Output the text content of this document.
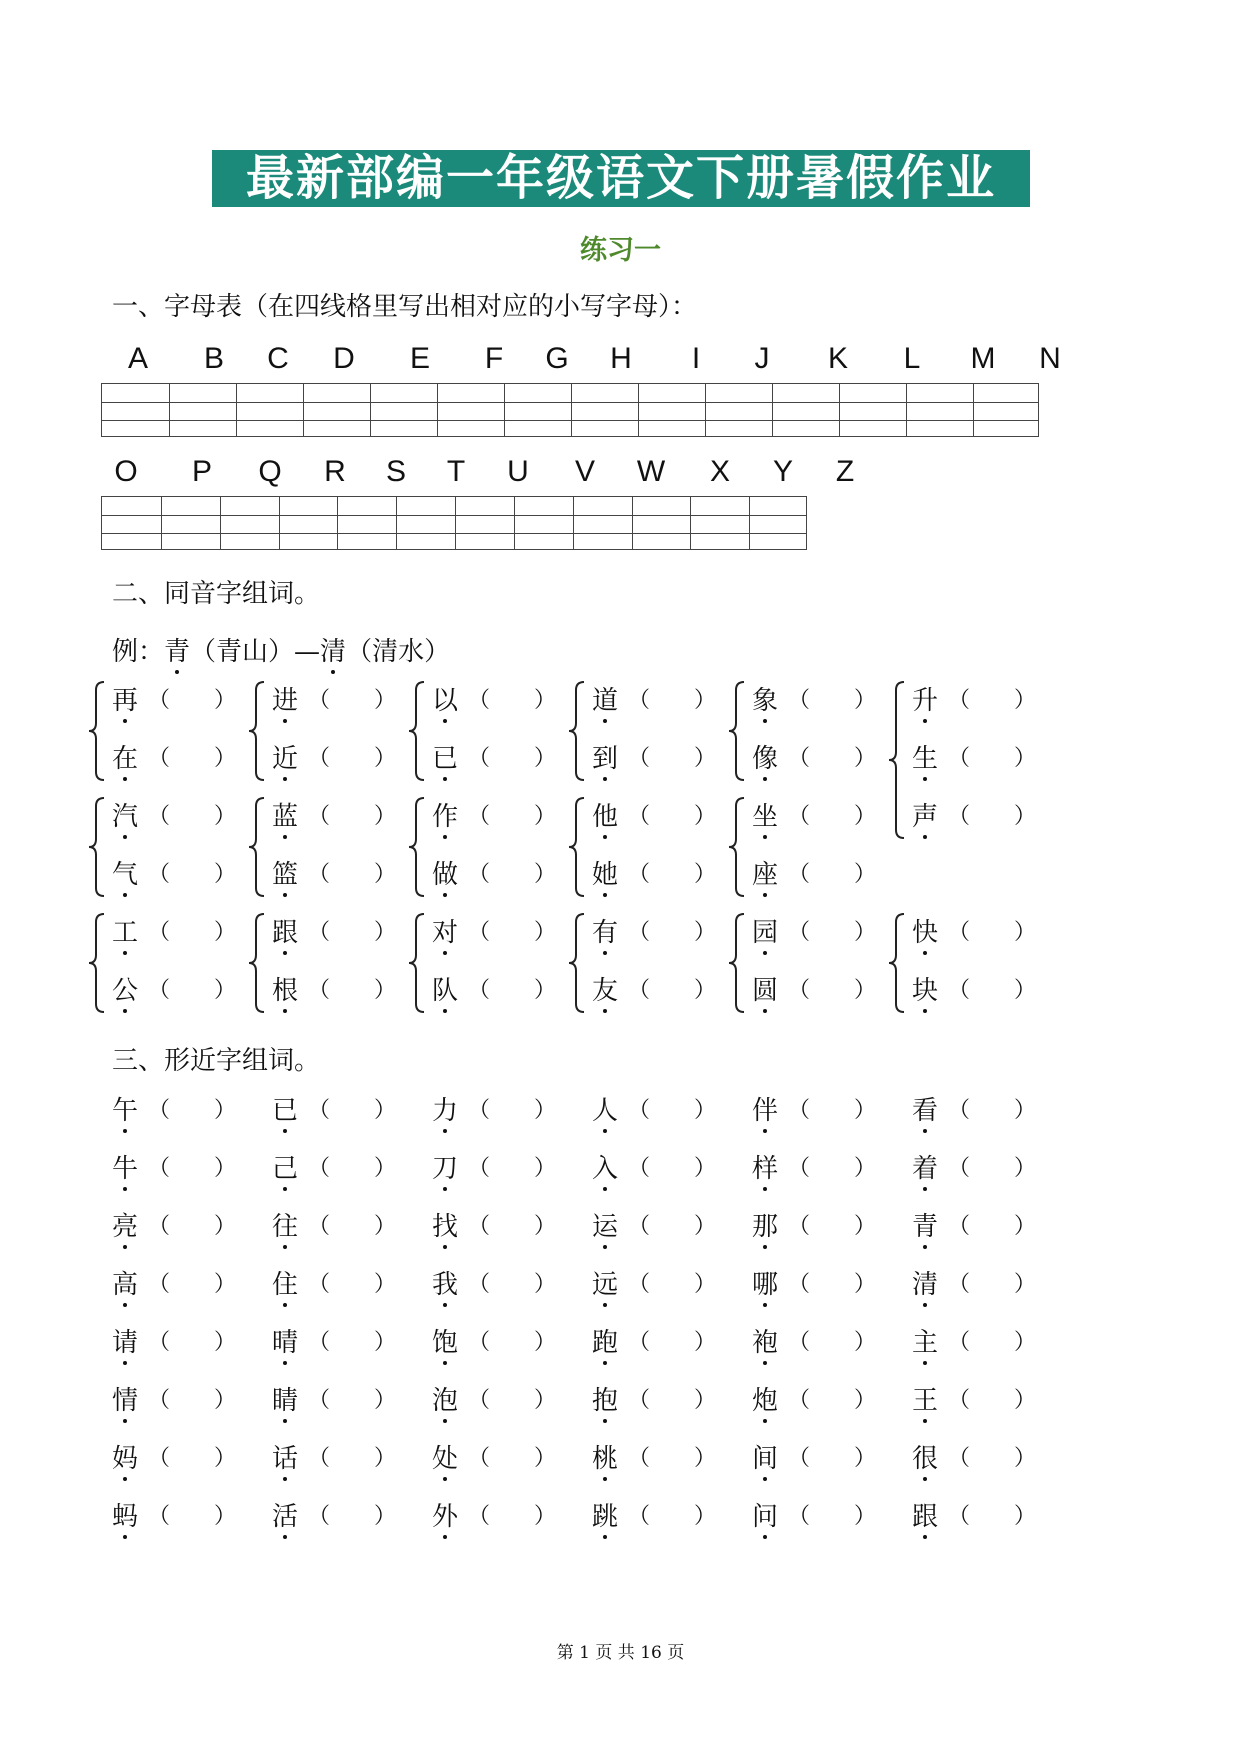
最新部编一年级语文下册暑假作业
练习一
一、字母表（在四线格里写出相对应的小写字母）：
A	B	C	D	E	F	G	H	I	J	K	L	M	N
O	P	Q	R	S	T	U	V	W	X	Y	Z
二、同音字组词。
例：青（青山）—清（清水）
再 （　　）
在 （　　）
进 （　　）
近 （　　）
以 （　　）
已 （　　）
道 （　　）
到 （　　）
象 （　　）
像 （　　）
升 （　　）
生 （　　）
声 （　　）
汽 （　　）
气 （　　）
蓝 （　　）
篮 （　　）
作 （　　）
做 （　　）
他 （　　）
她 （　　）
坐 （　　）
座 （　　）
工 （　　）
公 （　　）
跟 （　　）
根 （　　）
对 （　　）
队 （　　）
有 （　　）
友 （　　）
园 （　　）
圆 （　　）
快 （　　）
块 （　　）
三、形近字组词。
午 （　　） 已 （　　） 力 （　　） 人 （　　） 伴 （　　） 看 （　　）
牛 （　　） 己 （　　） 刀 （　　） 入 （　　） 样 （　　） 着 （　　）
亮 （　　） 往 （　　） 找 （　　） 运 （　　） 那 （　　） 青 （　　）
高 （　　） 住 （　　） 我 （　　） 远 （　　） 哪 （　　） 清 （　　）
请 （　　） 晴 （　　） 饱 （　　） 跑 （　　） 袍 （　　） 主 （　　）
情 （　　） 睛 （　　） 泡 （　　） 抱 （　　） 炮 （　　） 王 （　　）
妈 （　　） 话 （　　） 处 （　　） 桃 （　　） 间 （　　） 很 （　　）
蚂 （　　） 活 （　　） 外 （　　） 跳 （　　） 问 （　　） 跟 （　　）
第 1 页 共 16 页
